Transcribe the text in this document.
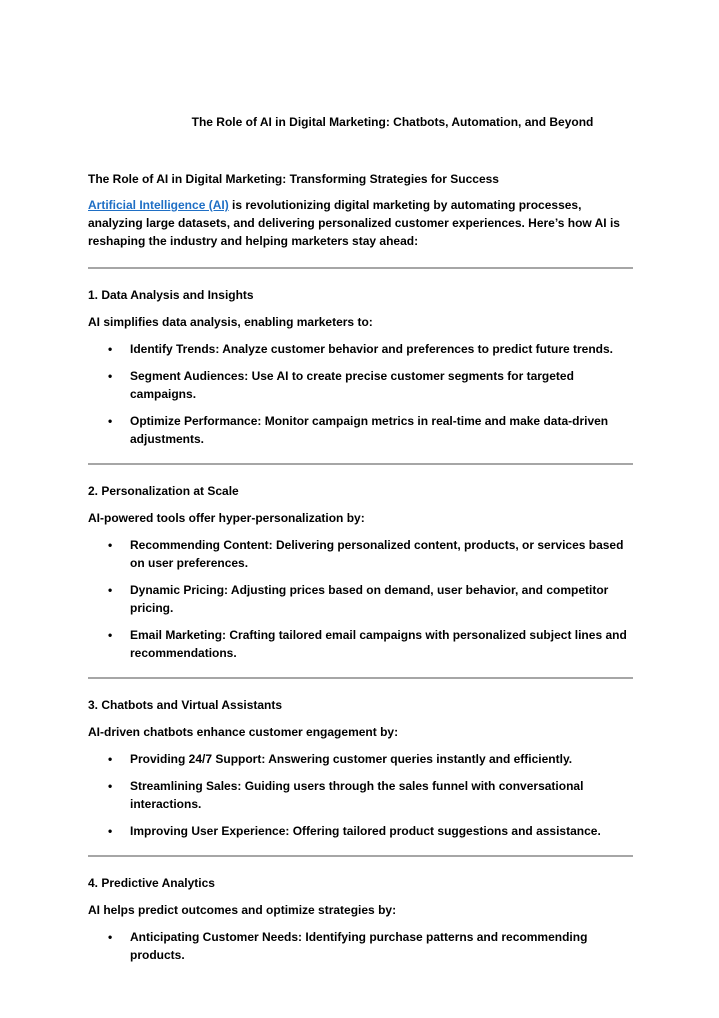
The Role of AI in Digital Marketing: Chatbots, Automation, and Beyond

The Role of AI in Digital Marketing: Transforming Strategies for Success

Artificial Intelligence (AI) is revolutionizing digital marketing by automating processes, analyzing large datasets, and delivering personalized customer experiences. Here’s how AI is reshaping the industry and helping marketers stay ahead:

1. Data Analysis and Insights

AI simplifies data analysis, enabling marketers to:

• Identify Trends: Analyze customer behavior and preferences to predict future trends.
• Segment Audiences: Use AI to create precise customer segments for targeted campaigns.
• Optimize Performance: Monitor campaign metrics in real-time and make data-driven adjustments.

2. Personalization at Scale

AI-powered tools offer hyper-personalization by:

• Recommending Content: Delivering personalized content, products, or services based on user preferences.
• Dynamic Pricing: Adjusting prices based on demand, user behavior, and competitor pricing.
• Email Marketing: Crafting tailored email campaigns with personalized subject lines and recommendations.

3. Chatbots and Virtual Assistants

AI-driven chatbots enhance customer engagement by:

• Providing 24/7 Support: Answering customer queries instantly and efficiently.
• Streamlining Sales: Guiding users through the sales funnel with conversational interactions.
• Improving User Experience: Offering tailored product suggestions and assistance.

4. Predictive Analytics

AI helps predict outcomes and optimize strategies by:

• Anticipating Customer Needs: Identifying purchase patterns and recommending products.
